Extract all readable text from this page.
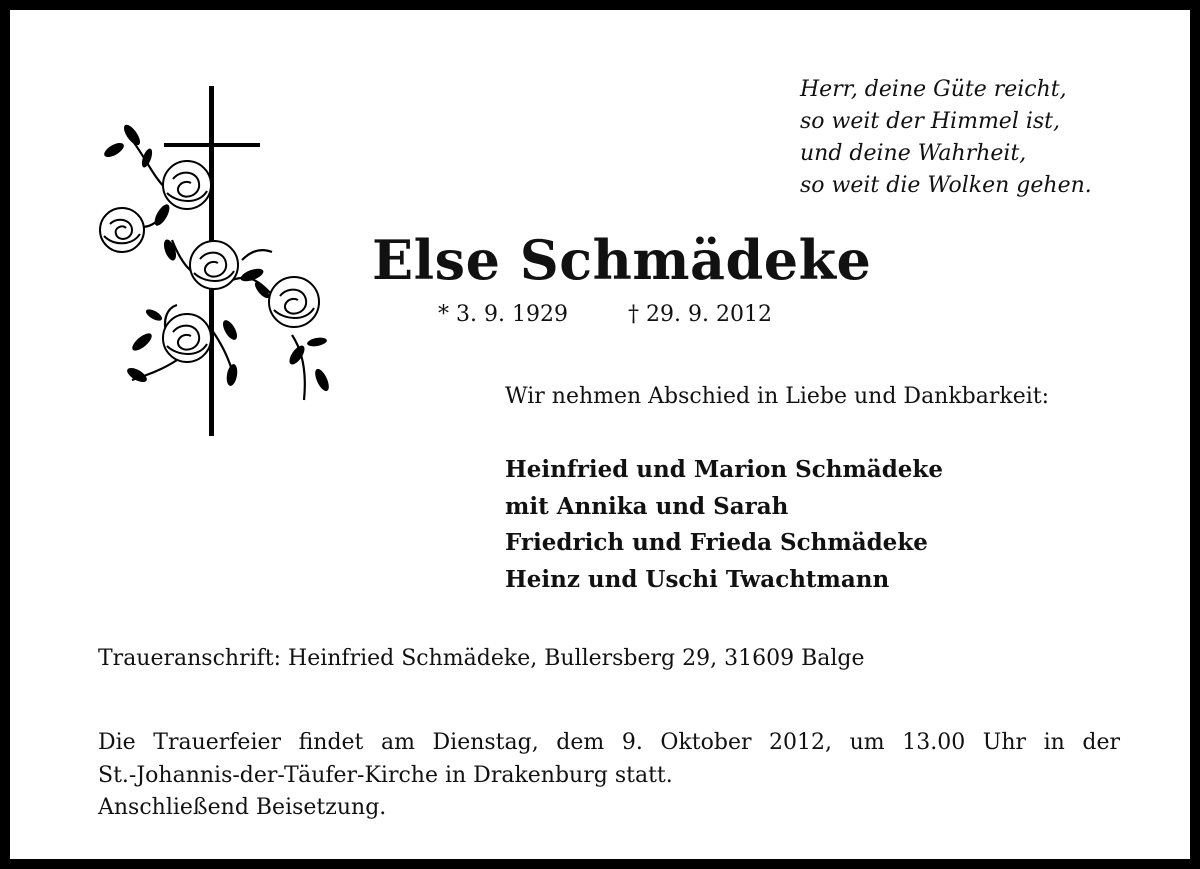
Herr, deine Güte reicht,
so weit der Himmel ist,
und deine Wahrheit,
so weit die Wolken gehen.
Else Schmädeke
* 3. 9. 1929	† 29. 9. 2012
Wir nehmen Abschied in Liebe und Dankbarkeit:
Heinfried und Marion Schmädeke
mit Annika und Sarah
Friedrich und Frieda Schmädeke
Heinz und Uschi Twachtmann
Traueranschrift: Heinfried Schmädeke, Bullersberg 29, 31609 Balge
Die Trauerfeier findet am Dienstag, dem 9. Oktober 2012, um 13.00 Uhr in der
St.-Johannis-der-Täufer-Kirche in Drakenburg statt.
Anschließend Beisetzung.
